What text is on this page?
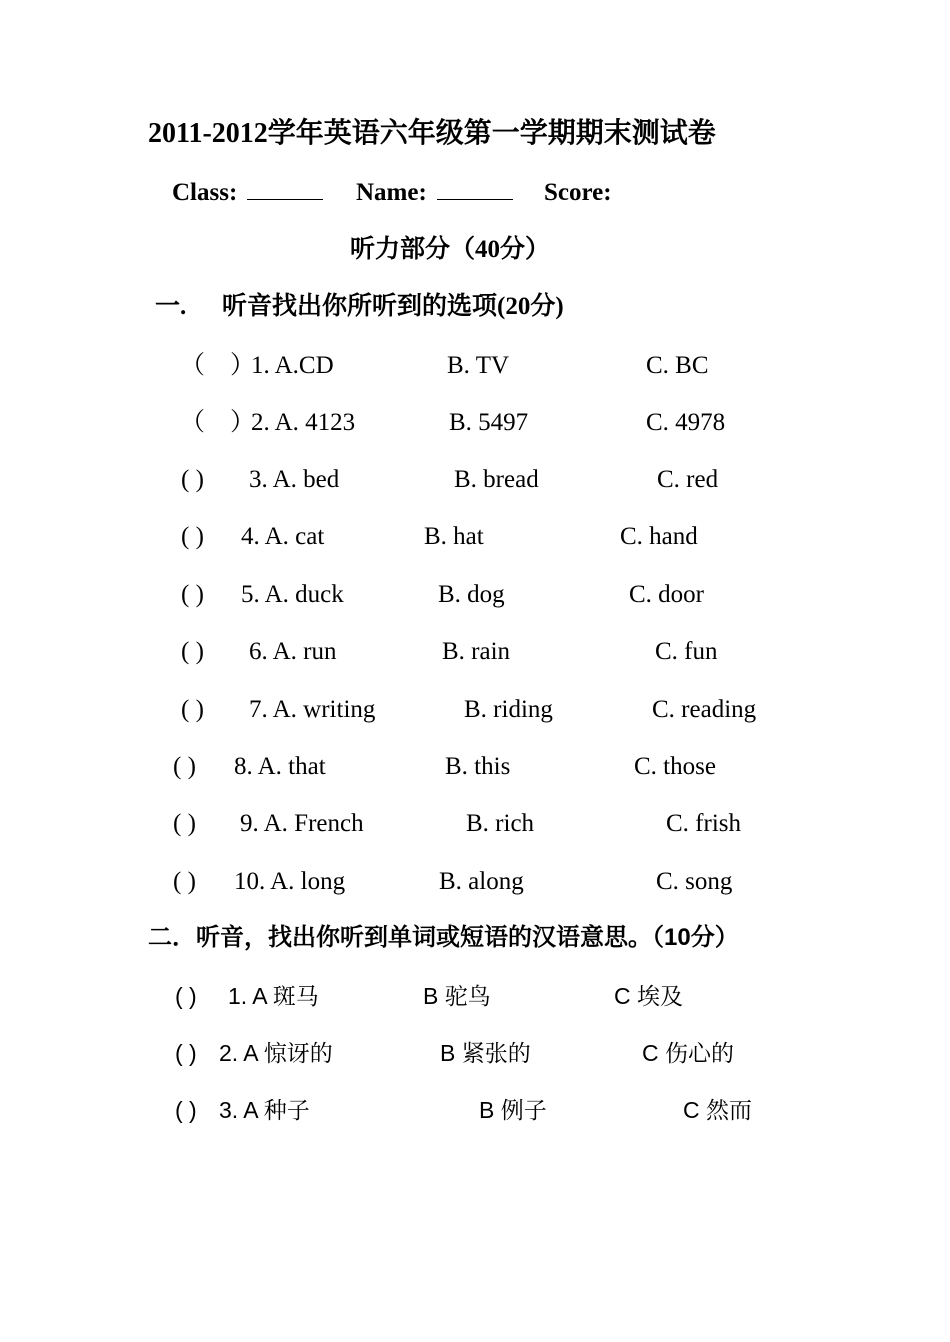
2011-2012学年英语六年级第一学期期末测试卷
Class:	Name:	Score:
听力部分（40分）
一. 听音找出你所听到的选项(20分)
（　）
1. A.CD	B. TV	C. BC
（　）
2. A. 4123	B. 5497	C. 4978
( ) 3. A. bed	B. bread	C. red
( ) 4. A. cat	B. hat	C. hand
( ) 5. A. duck	B. dog	C. door
( ) 6. A. run	B. rain	C. fun
( ) 7. A. writing	B. riding	C. reading
( ) 8. A. that	B. this	C. those
( ) 9. A. French	B. rich	C. frish
( ) 10. A. long	B. along	C. song
二．听音，找出你听到单词或短语的汉语意思。（10分）
( ) 1. A 斑马	B 驼鸟	C 埃及
( ) 2. A 惊讶的	B 紧张的	C 伤心的
( ) 3. A 种子	B 例子	C 然而
